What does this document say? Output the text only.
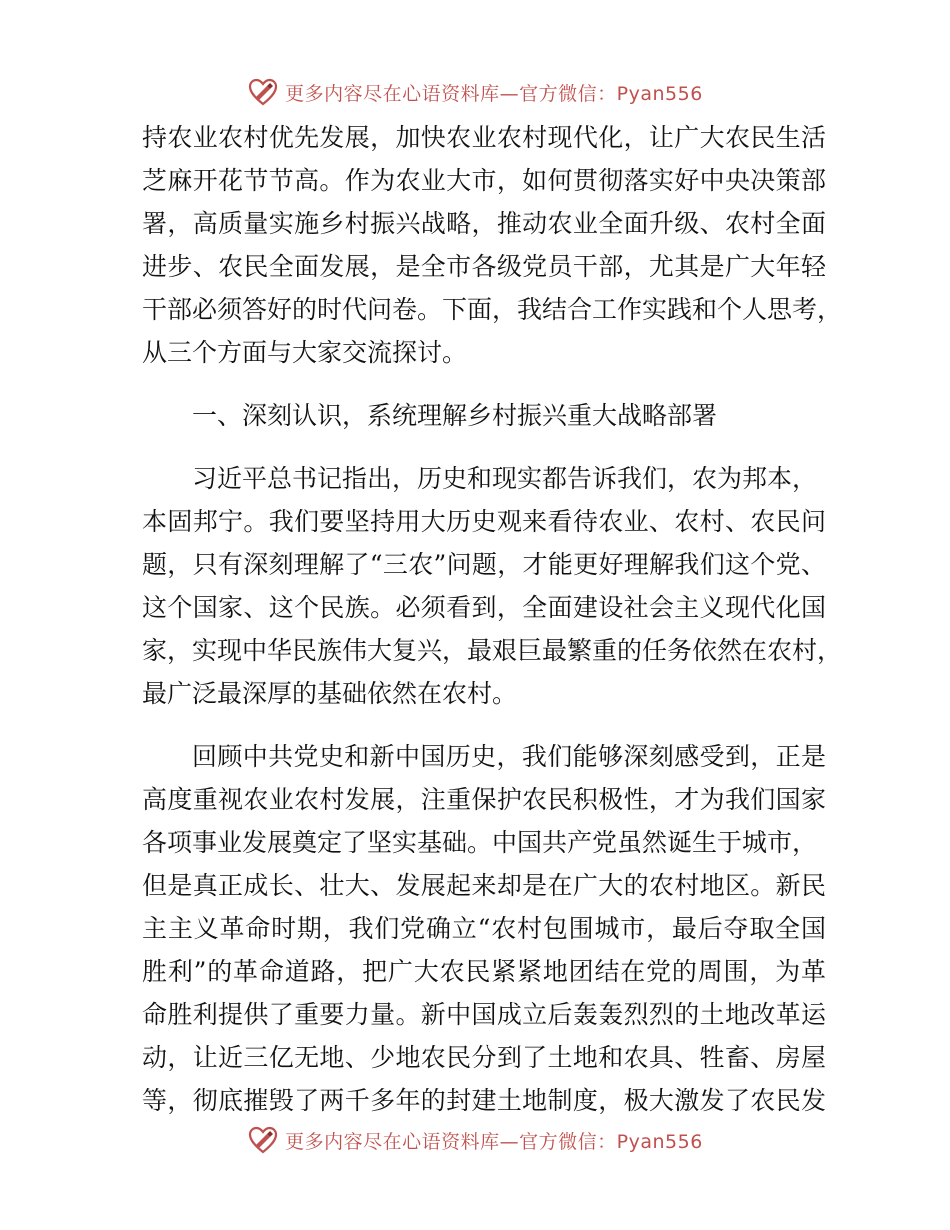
更多内容尽在心语资料库—官方微信：Pyan556
持农业农村优先发展，加快农业农村现代化，让广大农民生活
芝麻开花节节高。作为农业大市，如何贯彻落实好中央决策部
署，高质量实施乡村振兴战略，推动农业全面升级、农村全面
进步、农民全面发展，是全市各级党员干部，尤其是广大年轻
干部必须答好的时代问卷。下面，我结合工作实践和个人思考，
从三个方面与大家交流探讨。
一、深刻认识，系统理解乡村振兴重大战略部署
习近平总书记指出，历史和现实都告诉我们，农为邦本，
本固邦宁。我们要坚持用大历史观来看待农业、农村、农民问
题，只有深刻理解了“三农”问题，才能更好理解我们这个党、
这个国家、这个民族。必须看到，全面建设社会主义现代化国
家，实现中华民族伟大复兴，最艰巨最繁重的任务依然在农村，
最广泛最深厚的基础依然在农村。
回顾中共党史和新中国历史，我们能够深刻感受到，正是
高度重视农业农村发展，注重保护农民积极性，才为我们国家
各项事业发展奠定了坚实基础。中国共产党虽然诞生于城市，
但是真正成长、壮大、发展起来却是在广大的农村地区。新民
主主义革命时期，我们党确立“农村包围城市，最后夺取全国
胜利”的革命道路，把广大农民紧紧地团结在党的周围，为革
命胜利提供了重要力量。新中国成立后轰轰烈烈的土地改革运
动，让近三亿无地、少地农民分到了土地和农具、牲畜、房屋
等，彻底摧毁了两千多年的封建土地制度，极大激发了农民发
更多内容尽在心语资料库—官方微信：Pyan556
